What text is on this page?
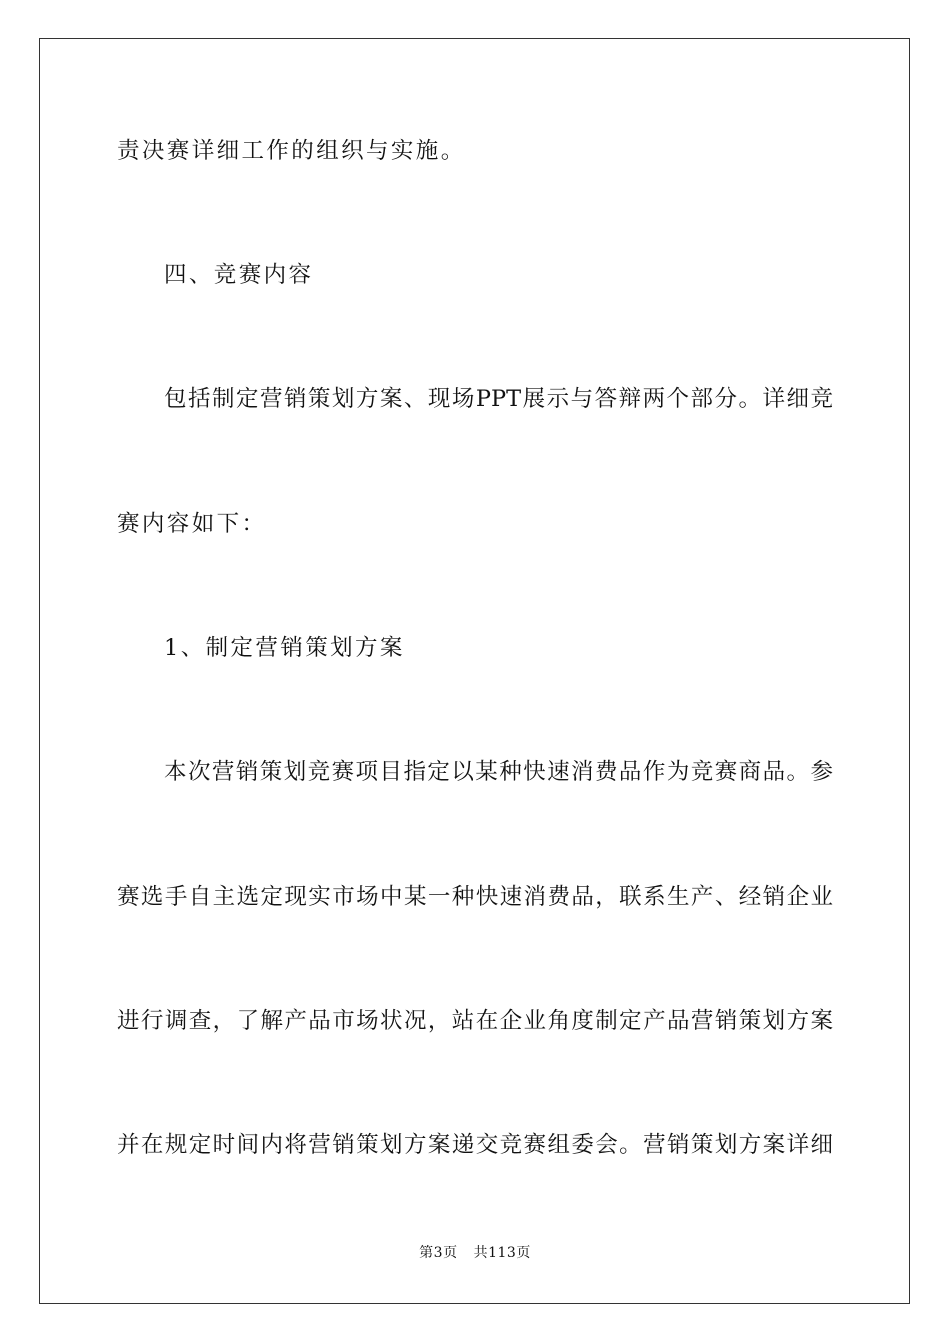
责决赛详细工作的组织与实施。
四、竞赛内容
包括制定营销策划方案、现场PPT展示与答辩两个部分。详细竞
赛内容如下：
1、制定营销策划方案
本次营销策划竞赛项目指定以某种快速消费品作为竞赛商品。参
赛选手自主选定现实市场中某一种快速消费品，联系生产、经销企业
进行调查，了解产品市场状况，站在企业角度制定产品营销策划方案
并在规定时间内将营销策划方案递交竞赛组委会。营销策划方案详细
第3页 共113页
